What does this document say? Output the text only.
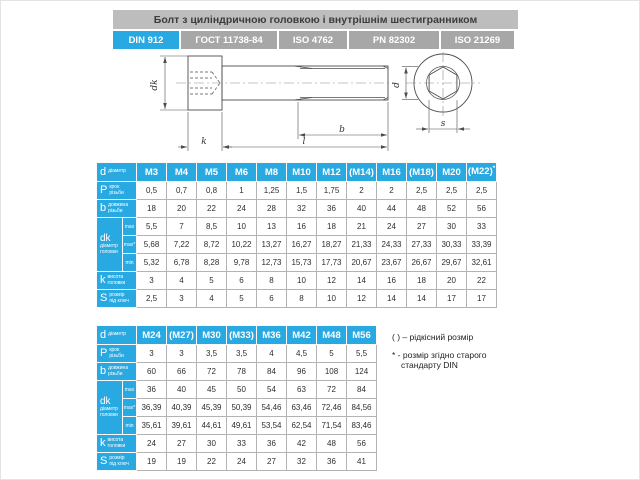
Болт з циліндричною головкою і внутрішнім шестигранником
DIN 912	ГОСТ 11738-84	ISO 4762	PN 82302	ISO 21269
dk
k
b
l
d
s
d діаметр		M3	M4	M5	M6	M8	M10	M12	(M14)	M16	(M18)	M20	(M22)*

P крок різьби		0,5	0,7	0,8	1	1,25	1,5	1,75	2	2	2,5	2,5	2,5

b довжина різьби		18	20	22	24	28	32	36	40	44	48	52	56

dk
діаметр головки	max	5,5	7	8,5	10	13	16	18	21	24	27	30	33
	max*	5,68	7,22	8,72	10,22	13,27	16,27	18,27	21,33	24,33	27,33	30,33	33,39
	min	5,32	6,78	8,28	9,78	12,73	15,73	17,73	20,67	23,67	26,67	29,67	32,61

k висота головки		3	4	5	6	8	10	12	14	16	18	20	22

S розмір під ключ		2,5	3	4	5	6	8	10	12	14	14	17	17
d діаметр		M24	(M27)	M30	(M33)	M36	M42	M48	M56

P крок різьби		3	3	3,5	3,5	4	4,5	5	5,5

b довжина різьби		60	66	72	78	84	96	108	124

dk
діаметр головки	max	36	40	45	50	54	63	72	84
	max*	36,39	40,39	45,39	50,39	54,46	63,46	72,46	84,56
	min	35,61	39,61	44,61	49,61	53,54	62,54	71,54	83,46

k висота головки		24	27	30	33	36	42	48	56

S розмір під ключ		19	19	22	24	27	32	36	41
( ) – рідкісний розмір
* - розмір згідно старого стандарту DIN
